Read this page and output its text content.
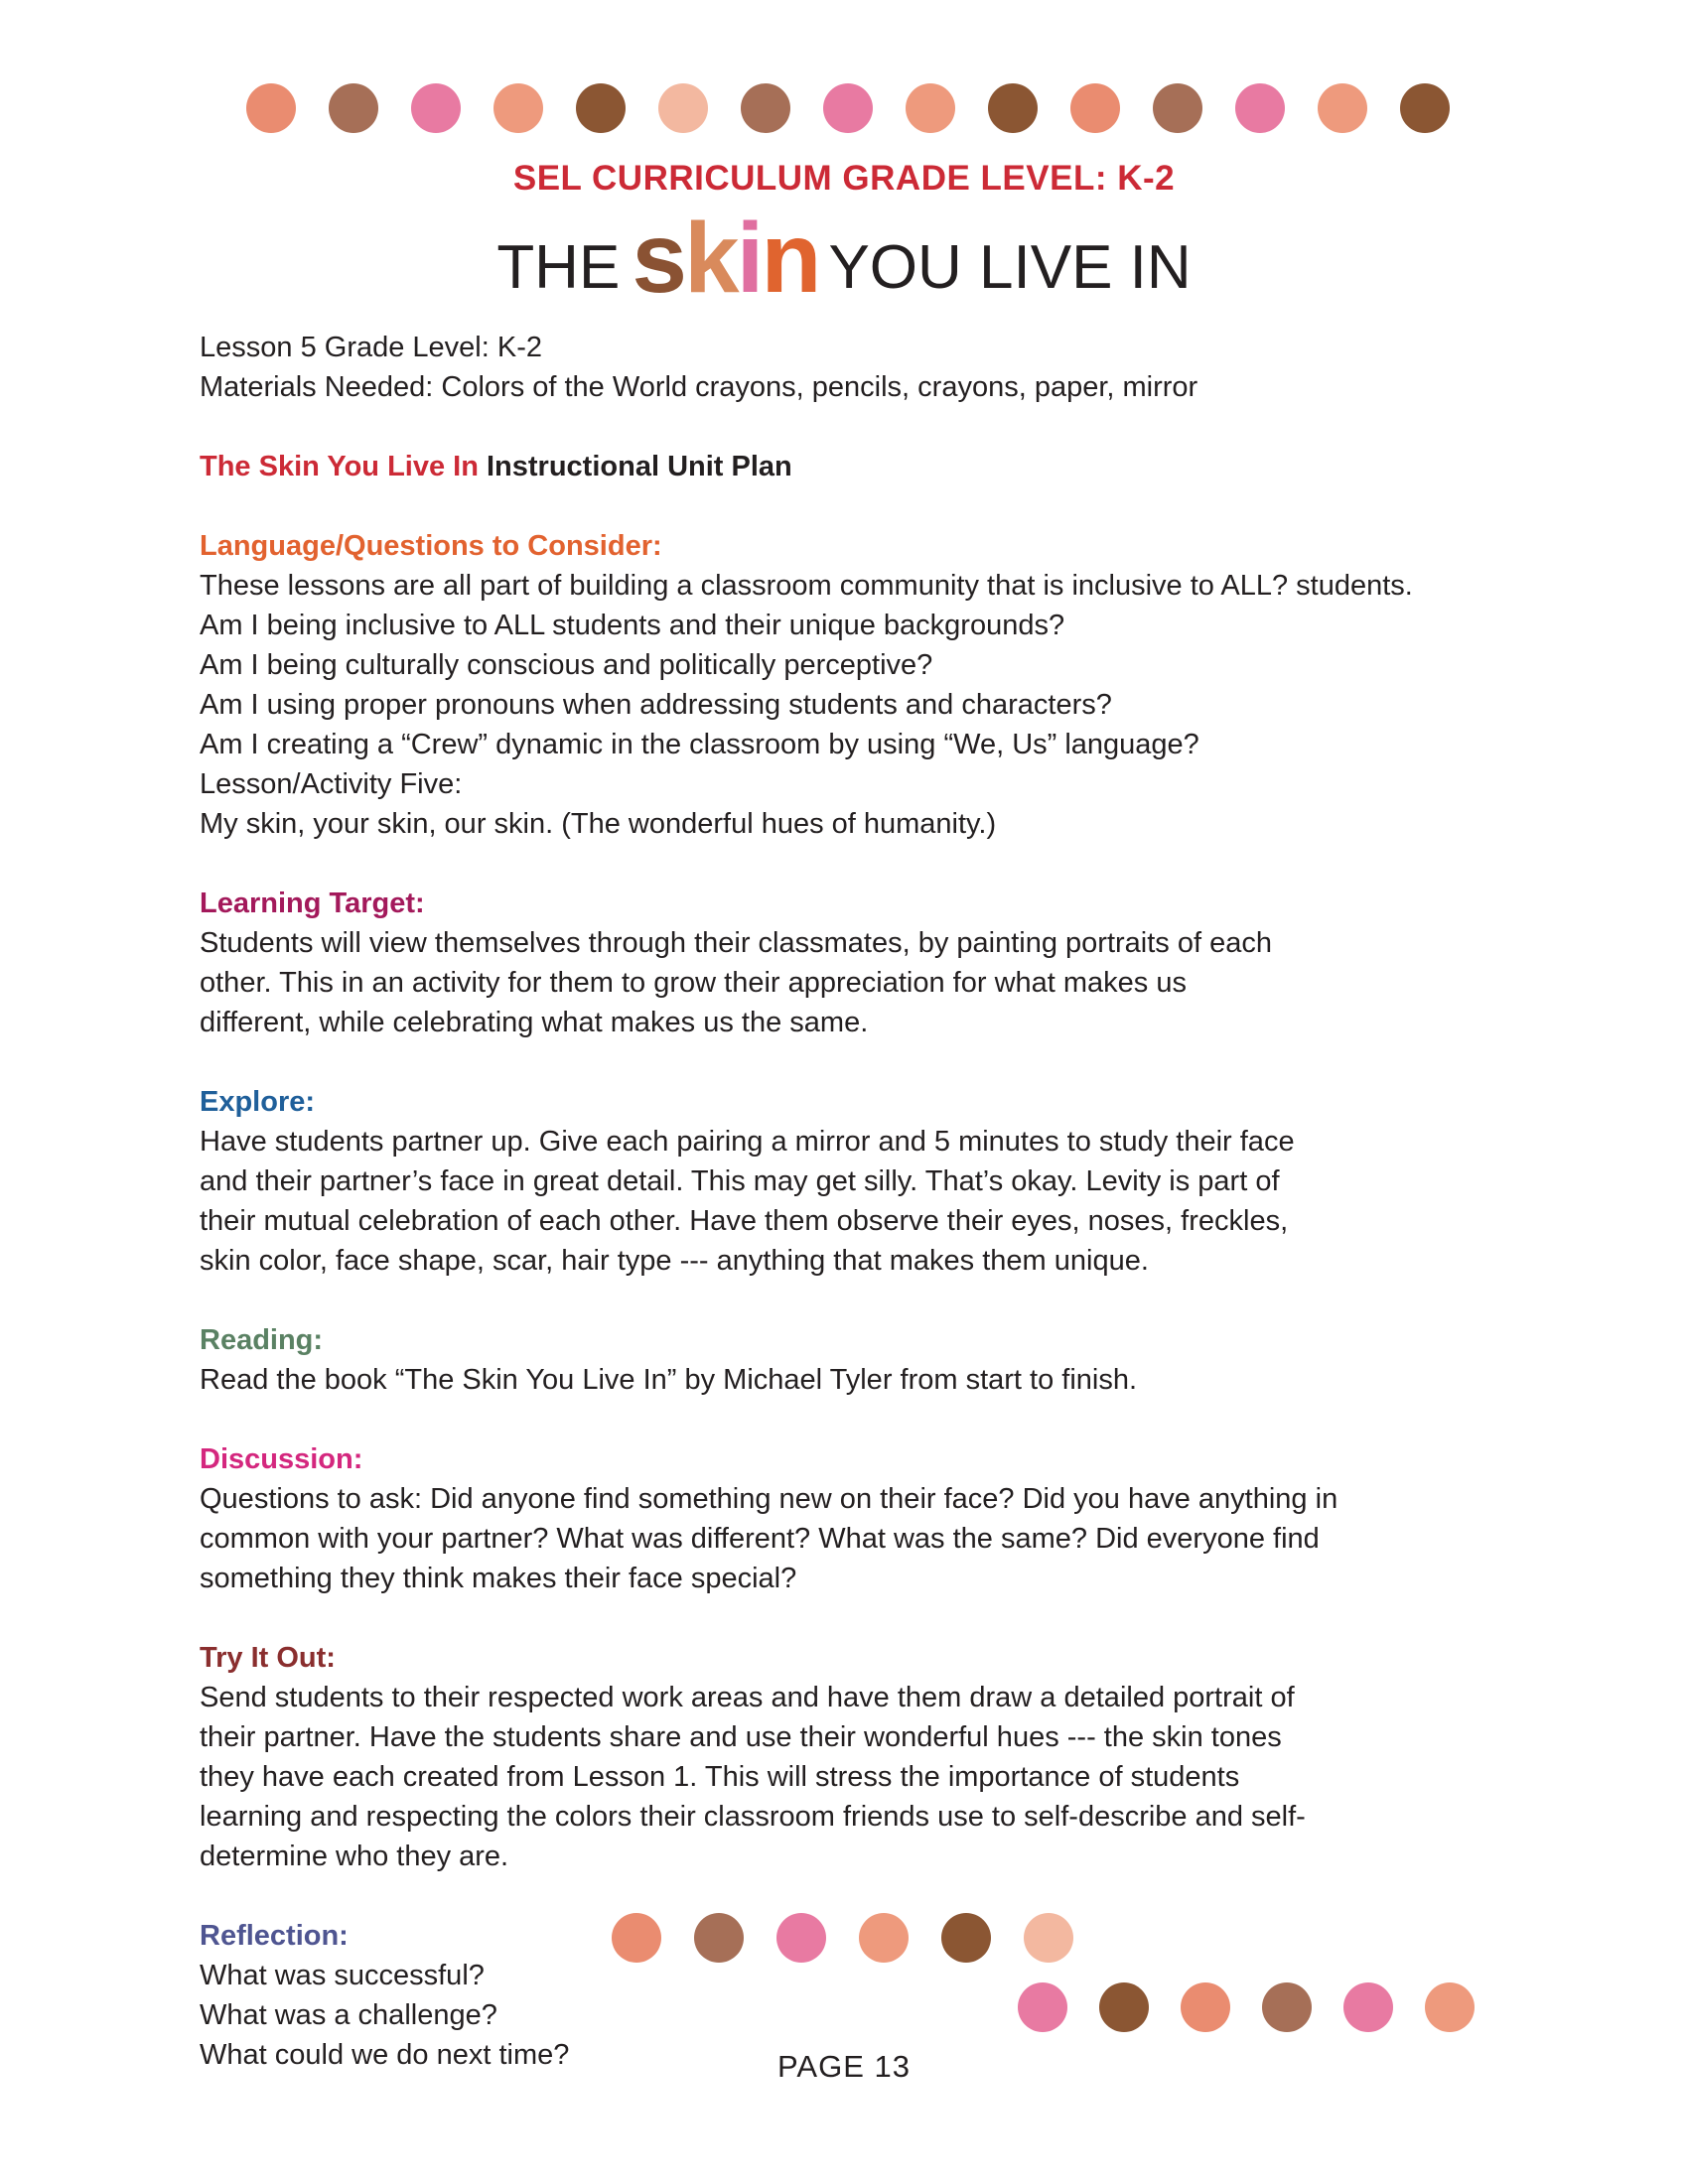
SEL CURRICULUM GRADE LEVEL: K-2
THE skin YOU LIVE IN

Lesson 5 Grade Level: K-2

Materials Needed: Colors of the World crayons, pencils, crayons, paper, mirror

The Skin You Live In Instructional Unit Plan

Language/Questions to Consider:

These lessons are all part of building a classroom community that is inclusive to ALL? students.

Am I being inclusive to ALL students and their unique backgrounds?

Am I being culturally conscious and politically perceptive?

Am I using proper pronouns when addressing students and characters?

Am I creating a “Crew” dynamic in the classroom by using “We, Us” language?

Lesson/Activity Five:

My skin, your skin, our skin. (The wonderful hues of humanity.)

Learning Target:

Students will view themselves through their classmates, by painting portraits of each

other. This in an activity for them to grow their appreciation for what makes us

different, while celebrating what makes us the same.

Explore:

Have students partner up. Give each pairing a mirror and 5 minutes to study their face

and their partner’s face in great detail. This may get silly. That’s okay. Levity is part of

their mutual celebration of each other. Have them observe their eyes, noses, freckles,

skin color, face shape, scar, hair type --- anything that makes them unique.

Reading:

Read the book “The Skin You Live In” by Michael Tyler from start to finish.

Discussion:

Questions to ask: Did anyone find something new on their face? Did you have anything in

common with your partner? What was different? What was the same? Did everyone find

something they think makes their face special?

Try It Out:

Send students to their respected work areas and have them draw a detailed portrait of

their partner. Have the students share and use their wonderful hues --- the skin tones

they have each created from Lesson 1. This will stress the importance of students

learning and respecting the colors their classroom friends use to self-describe and self-

determine who they are.

Reflection:

What was successful?

What was a challenge?

What could we do next time?	PAGE 13
